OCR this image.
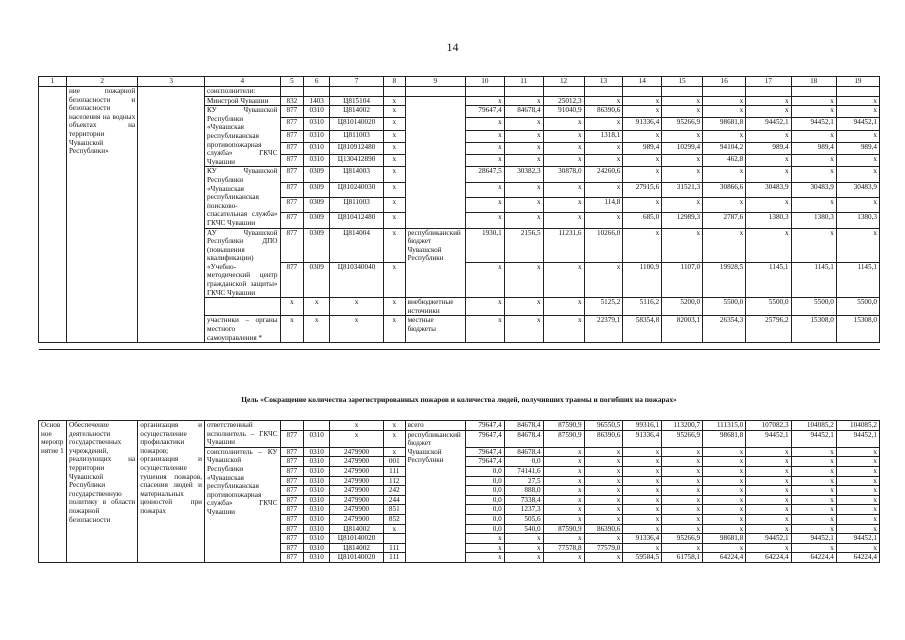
14
1	2	3	4	5	6	7	8	9	10	11	12	13	14	15	16	17	18	19
	ние пожарной безопасности и безопасности населения на водных объектах на территории Чувашской Республики»		соисполнители:															
			Минстрой Чувашии	832	1403	Ц815104	x		x	x	25012,3	x	x	x	x	x	x	x
			КУ Чувашской Республики «Чувашская республиканская противопожарная служба» ГКЧС Чувашии	877	0310	Ц814002	x		79647,4	84678,4	91040,9	86390,6	x	x	x	x	x	x
				877	0310	Ц810140020	x		x	x	x	x	91336,4	95266,9	98681,8	94452,1	94452,1	94452,1
				877	0310	Ц811003	x		x	x	x	1318,1	x	x	x	x	x	x
				877	0310	Ц810912480	x		x	x	x	x	989,4	10299,4	94104,2	989,4	989,4	989,4
				877	0310	Ц130412890	x		x	x	x	x	x	x	462,8	x	x	x
			КУ Чувашской Республики «Чувашская республиканская поисково-спасательная служба» ГКЧС Чувашии	877	0309	Ц814003	x		28647,5	30382,3	30878,0	24260,6	x	x	x	x	x	x
				877	0309	Ц810240030	x		x	x	x	x	27915,6	31521,3	30866,6	30483,9	30483,9	30483,9
				877	0309	Ц811003	x		x	x	x	114,8	x	x	x	x	x	x
				877	0309	Ц810412480	x		x	x	x	x	685,0	12989,3	2787,6	1380,3	1380,3	1380,3
			АУ Чувашской Республики ДПО (повышения квалификации) «Учебно-методический центр гражданской защиты» ГКЧС Чувашии	877	0309	Ц814004	x	республиканский бюджет Чувашской Республики	1930,1	2156,5	11231,6	10266,0	x	x	x	x	x	x
				877	0309	Ц810340040	x		x	x	x	x	1100,9	1107,0	19928,5	1145,1	1145,1	1145,1
				x	x	x	x	внебюджетные источники	x	x	x	5125,2	5116,2	5200,0	5500,0	5500,0	5500,0	5500,0
			участники – органы местного самоуправления *	x	x	x	x	местные бюджеты	x	x	x	22379,1	58354,8	82003,1	26354,3	25796,2	15308,0	15308,0

Цель «Сокращение количества зарегистрированных пожаров и количества людей, получивших травмы и погибших на пожарах»
Основное мероприятие 1	Обеспечение деятельности государственных учреждений, реализующих на территории Чувашской Республики государственную политику в области пожарной безопасности	организация и осуществление профилактики пожаров; организация и осуществление тушения пожаров, спасения людей и материальных ценностей при пожарах	ответственный исполнитель – ГКЧС Чувашии			x	x	всего	79647,4	84678,4	87590,9	96550,5	99316,1	113200,7	111315,0	107082,3	104085,2	104085,2
				877	0310	x	x	республиканский бюджет Чувашской Республики	79647,4	84678,4	87590,9	86390,6	91336,4	95266,9	98681,8	94452,1	94452,1	94452,1
			соисполнитель – КУ Чувашской Республики «Чувашская республиканская противопожарная служба» ГКЧС Чувашии	877	0310	2479900	x		79647,4	84678,4	x	x	x	x	x	x	x	x
				877	0310	2479900	001		79647,4	0,0	x	x	x	x	x	x	x	x
				877	0310	2479900	111		0,0	74141,6	x	x	x	x	x	x	x	x
				877	0310	2479900	112		0,0	27,5	x	x	x	x	x	x	x	x
				877	0310	2479900	242		0,0	888,0	x	x	x	x	x	x	x	x
				877	0310	2479900	244		0,0	7338,4	x	x	x	x	x	x	x	x
				877	0310	2479900	851		0,0	1237,3	x	x	x	x	x	x	x	x
				877	0310	2479900	852		0,0	505,6	x	x	x	x	x	x	x	x
				877	0310	Ц814002	x		0,0	540,0	87590,9	86390,6	x	x	x	x	x	x
				877	0310	Ц810140020			x	x	x	x	91336,4	95266,9	98681,8	94452,1	94452,1	94452,1
				877	0310	Ц814002	111		x	x	77578,8	77579,0	x	x	x	x	x	x
				877	0310	Ц810140020	111		x	x	x	x	59584,5	61758,1	64224,4	64224,4	64224,4	64224,4
